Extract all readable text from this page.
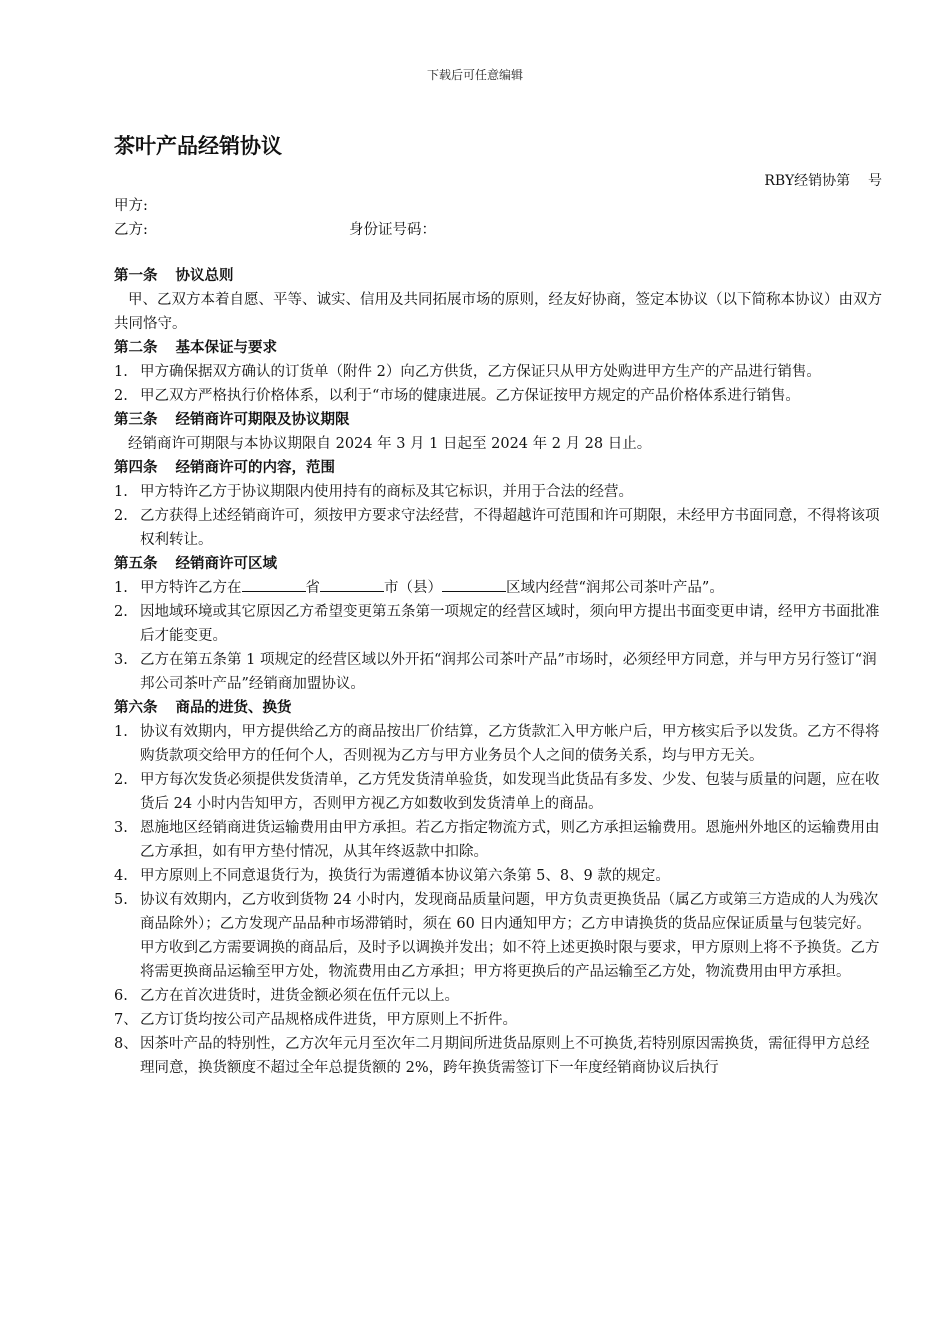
下载后可任意编辑
茶叶产品经销协议
RBY经销协第    号
甲方:
乙方:	身份证号码：
第一条 协议总则
甲、乙双方本着自愿、平等、诚实、信用及共同拓展市场的原则，经友好协商，签定本协议（以下简称本协议）由双方共同恪守。
第二条 基本保证与要求
1. 甲方确保据双方确认的订货单（附件 2）向乙方供货，乙方保证只从甲方处购进甲方生产的产品进行销售。
2. 甲乙双方严格执行价格体系，以利于“市场的健康进展。乙方保证按甲方规定的产品价格体系进行销售。
第三条 经销商许可期限及协议期限
经销商许可期限与本协议期限自 2024 年 3 月 1 日起至 2024 年 2 月 28 日止。
第四条 经销商许可的内容，范围
1. 甲方特许乙方于协议期限内使用持有的商标及其它标识，并用于合法的经营。
2. 乙方获得上述经销商许可，须按甲方要求守法经营，不得超越许可范围和许可期限，未经甲方书面同意，不得将该项权利转让。
第五条 经销商许可区域
1. 甲方特许乙方在	省	市（县）	区域内经营“润邦公司茶叶产品”。
2. 因地域环境或其它原因乙方希望变更第五条第一项规定的经营区域时，须向甲方提出书面变更申请，经甲方书面批准后才能变更。
3. 乙方在第五条第 1 项规定的经营区域以外开拓“润邦公司茶叶产品”市场时，必须经甲方同意，并与甲方另行签订“润邦公司茶叶产品”经销商加盟协议。
第六条 商品的进货、换货
1. 协议有效期内，甲方提供给乙方的商品按出厂价结算，乙方货款汇入甲方帐户后，甲方核实后予以发货。乙方不得将购货款项交给甲方的任何个人，否则视为乙方与甲方业务员个人之间的债务关系，均与甲方无关。
2. 甲方每次发货必须提供发货清单，乙方凭发货清单验货，如发现当此货品有多发、少发、包装与质量的问题，应在收货后 24 小时内告知甲方，否则甲方视乙方如数收到发货清单上的商品。
3. 恩施地区经销商进货运输费用由甲方承担。若乙方指定物流方式，则乙方承担运输费用。恩施州外地区的运输费用由乙方承担，如有甲方垫付情况，从其年终返款中扣除。
4. 甲方原则上不同意退货行为，换货行为需遵循本协议第六条第 5、8、9 款的规定。
5. 协议有效期内，乙方收到货物 24 小时内，发现商品质量问题，甲方负责更换货品（属乙方或第三方造成的人为残次商品除外）；乙方发现产品品种市场滞销时，须在 60 日内通知甲方；乙方申请换货的货品应保证质量与包装完好。甲方收到乙方需要调换的商品后，及时予以调换并发出；如不符上述更换时限与要求，甲方原则上将不予换货。乙方将需更换商品运输至甲方处，物流费用由乙方承担；甲方将更换后的产品运输至乙方处，物流费用由甲方承担。
6. 乙方在首次进货时，进货金额必须在伍仟元以上。
7、 乙方订货均按公司产品规格成件进货，甲方原则上不折件。
8、 因茶叶产品的特别性，乙方次年元月至次年二月期间所进货品原则上不可换货,若特别原因需换货，需征得甲方总经理同意，换货额度不超过全年总提货额的 2%，跨年换货需签订下一年度经销商协议后执行
